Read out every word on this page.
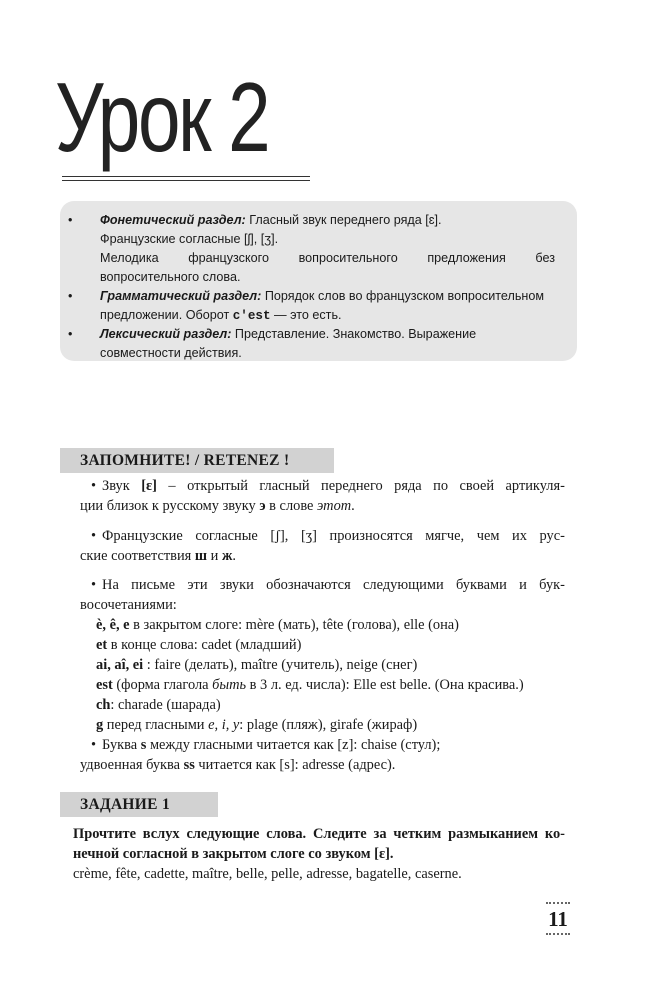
Урок 2
• Фонетический раздел: Гласный звук переднего ряда [ɛ].
Французские согласные [ʃ], [ʒ].
Мелодика французского вопросительного предложения без
вопросительного слова.
• Грамматический раздел: Порядок слов во французском вопросительном
предложении. Оборот c'est — это есть.
• Лексический раздел: Представление. Знакомство. Выражение
совместности действия.
ЗАПОМНИТЕ! / RETENEZ !
• Звук [ɛ] – открытый гласный переднего ряда по своей артикуля-
ции близок к русскому звуку э в слове этот.
• Французские согласные [ʃ], [ʒ] произносятся мягче, чем их рус-
ские соответствия ш и ж.
• На письме эти звуки обозначаются следующими буквами и бук-
восочетаниями:
è, ê, e в закрытом слоге: mère (мать), tête (голова), elle (она)
et в конце слова: cadet (младший)
ai, aî, ei : faire (делать), maître (учитель), neige (снег)
est (форма глагола быть в 3 л. ед. числа): Elle est belle. (Она красива.)
ch: charade (шарада)
g перед гласными e, i, y: plage (пляж), girafe (жираф)
• Буква s между гласными читается как [z]: chaise (стул);
удвоенная буква ss читается как [s]: adresse (адрес).
ЗАДАНИЕ 1
Прочтите вслух следующие слова. Следите за четким размыканием ко-
нечной согласной в закрытом слоге со звуком [ɛ].
crème, fête, cadette, maître, belle, pelle, adresse, bagatelle, caserne.
11
